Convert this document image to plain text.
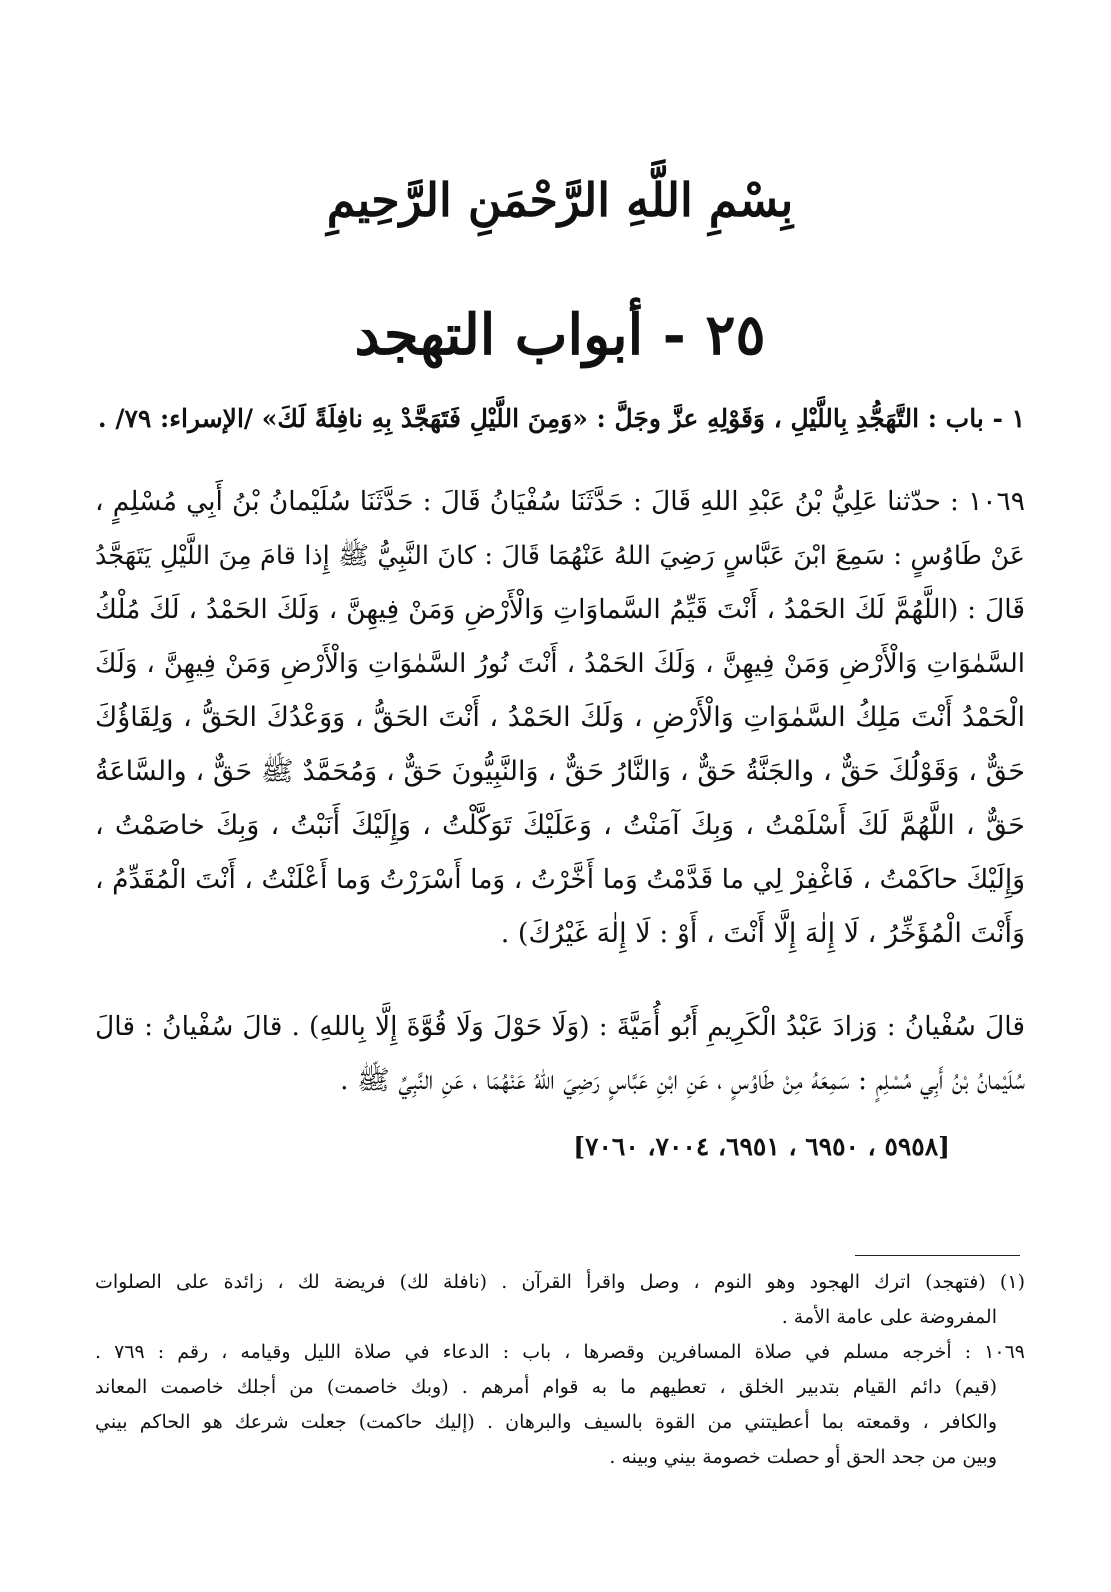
بِسْمِ اللَّهِ الرَّحْمَنِ الرَّحِيمِ
٢٥ - أبواب التهجد
١ - باب : التَّهَجُّدِ بِاللَّيْلِ ، وَقَوْلِهِ عزَّ وجَلَّ : «وَمِنَ اللَّيْلِ فَتَهَجَّدْ بِهِ نافِلَةً لَكَ» /الإسراء: ٧٩/ .
١٠٦٩ : حدّثنا عَلِيُّ بْنُ عَبْدِ اللهِ قَالَ : حَدَّثَنَا سُفْيَانُ قَالَ : حَدَّثَنَا سُلَيْمانُ بْنُ أَبِي مُسْلِمٍ ،
عَنْ طَاوُسٍ : سَمِعَ ابْنَ عَبَّاسٍ رَضِيَ اللهُ عَنْهُمَا قَالَ : كانَ النَّبِيُّ ﷺ إِذا قامَ مِنَ اللَّيْلِ يَتَهَجَّدُ
قَالَ : (اللَّهُمَّ لَكَ الحَمْدُ ، أَنْتَ قَيِّمُ السَّماوَاتِ وَالْأَرْضِ وَمَنْ فِيهِنَّ ، وَلَكَ الحَمْدُ ، لَكَ مُلْكُ
السَّمٰوَاتِ وَالْأَرْضِ وَمَنْ فِيهِنَّ ، وَلَكَ الحَمْدُ ، أَنْتَ نُورُ السَّمٰوَاتِ وَالْأَرْضِ وَمَنْ فِيهِنَّ ، وَلَكَ
الْحَمْدُ أَنْتَ مَلِكُ السَّمٰوَاتِ وَالْأَرْضِ ، وَلَكَ الحَمْدُ ، أَنْتَ الحَقُّ ، وَوَعْدُكَ الحَقُّ ، وَلِقَاؤُكَ
حَقٌّ ، وَقَوْلُكَ حَقٌّ ، والجَنَّةُ حَقٌّ ، وَالنَّارُ حَقٌّ ، وَالنَّبِيُّونَ حَقٌّ ، وَمُحَمَّدٌ ﷺ حَقٌّ ، والسَّاعَةُ
حَقٌّ ، اللَّهُمَّ لَكَ أَسْلَمْتُ ، وَبِكَ آمَنْتُ ، وَعَلَيْكَ تَوَكَّلْتُ ، وَإِلَيْكَ أَنَبْتُ ، وَبِكَ خاصَمْتُ ،
وَإِلَيْكَ حاكَمْتُ ، فَاغْفِرْ لِي ما قَدَّمْتُ وَما أَخَّرْتُ ، وَما أَسْرَرْتُ وَما أَعْلَنْتُ ، أَنْتَ الْمُقَدِّمُ ،
وَأَنْتَ الْمُؤَخِّرُ ، لَا إِلٰهَ إِلَّا أَنْتَ ، أَوْ : لَا إِلٰهَ غَيْرُكَ) .
قالَ سُفْيانُ : وَزادَ عَبْدُ الْكَرِيمِ أَبُو أُمَيَّةَ : (وَلَا حَوْلَ وَلَا قُوَّةَ إِلَّا بِاللهِ) . قالَ سُفْيانُ : قالَ
سُلَيْمانُ بْنُ أَبِي مُسْلِمٍ : سَمِعَهُ مِنْ طَاوُسٍ ، عَنِ ابْنِ عَبَّاسٍ رَضِيَ اللهُ عَنْهُمَا ، عَنِ النَّبِيِّ ﷺ .
[٥٩٥٨ ، ٦٩٥٠ ، ٦٩٥١، ٧٠٠٤، ٧٠٦٠]
(١) (فتهجد) اترك الهجود وهو النوم ، وصل واقرأ القرآن . (نافلة لك) فريضة لك ، زائدة على الصلوات
المفروضة على عامة الأمة .
١٠٦٩ : أخرجه مسلم في صلاة المسافرين وقصرها ، باب : الدعاء في صلاة الليل وقيامه ، رقم : ٧٦٩ .
(قيم) دائم القيام بتدبير الخلق ، تعطيهم ما به قوام أمرهم . (وبك خاصمت) من أجلك خاصمت المعاند
والكافر ، وقمعته بما أعطيتني من القوة بالسيف والبرهان . (إليك حاكمت) جعلت شرعك هو الحاكم بيني
وبين من جحد الحق أو حصلت خصومة بيني وبينه .
